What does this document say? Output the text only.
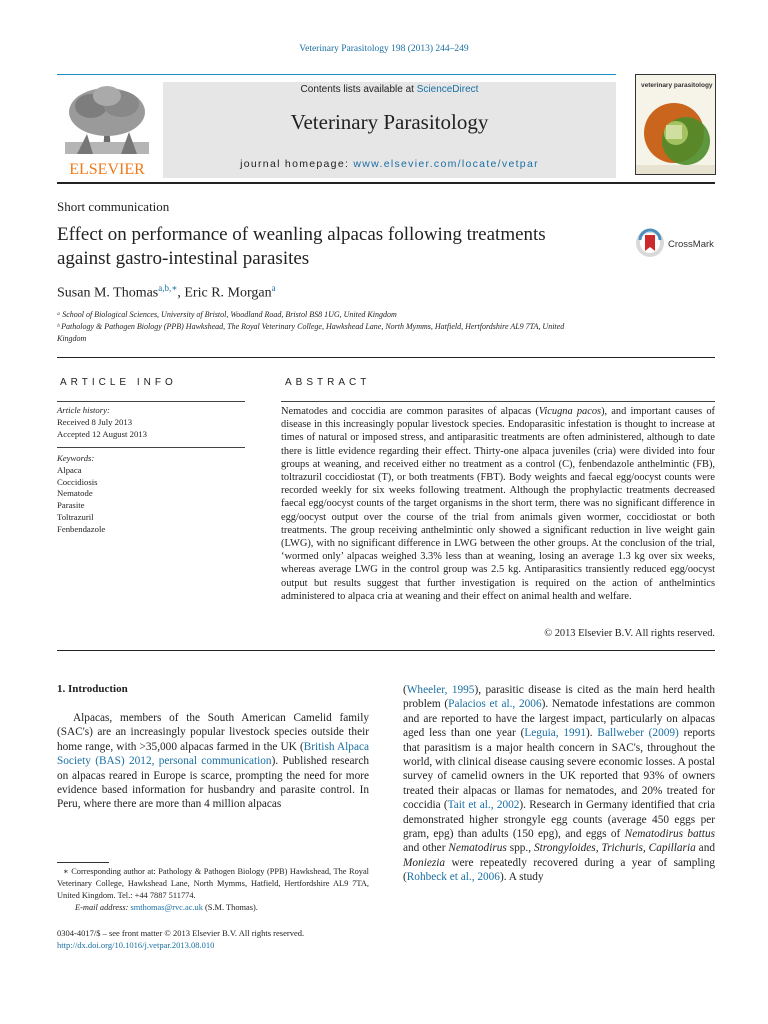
Veterinary Parasitology 198 (2013) 244–249
ELSEVIER
Contents lists available at ScienceDirect
Veterinary Parasitology
journal homepage: www.elsevier.com/locate/vetpar
veterinary parasitology
Short communication
Effect on performance of weanling alpacas following treatments against gastro-intestinal parasites
CrossMark
Susan M. Thomas$^{a,b,∗}$, Eric R. Morgan$^a$
ᵃ School of Biological Sciences, University of Bristol, Woodland Road, Bristol BS8 1UG, United Kingdom
ᵇ Pathology & Pathogen Biology (PPB) Hawkshead, The Royal Veterinary College, Hawkshead Lane, North Mymms, Hatfield, Hertfordshire AL9 7TA, United Kingdom
ARTICLE INFO	ABSTRACT
Article history:
Received 8 July 2013
Accepted 12 August 2013
Keywords:
Alpaca
Coccidiosis
Nematode
Parasite
Toltrazuril
Fenbendazole
Nematodes and coccidia are common parasites of alpacas (Vicugna pacos), and important causes of disease in this increasingly popular livestock species. Endoparasitic infestation is thought to increase at times of natural or imposed stress, and antiparasitic treatments are often administered, although to date there is little evidence regarding their effect. Thirty-one alpaca juveniles (cria) were divided into four groups at weaning, and received either no treatment as a control (C), fenbendazole anthelmintic (FB), toltrazuril coccidiostat (T), or both treatments (FBT). Body weights and faecal egg/oocyst counts were recorded weekly for six weeks following treatment. Although the prophylactic treatments decreased faecal egg/oocyst counts of the target organisms in the short term, there was no significant difference in egg/oocyst output over the course of the trial from animals given wormer, coccidiostat or both treatments. The group receiving anthelmintic only showed a significant reduction in live weight gain (LWG), with no significant difference in LWG between the other groups. At the conclusion of the trial, ‘wormed only’ alpacas weighed 3.3% less than at weaning, losing an average 1.3 kg over six weeks, whereas average LWG in the control group was 2.5 kg. Antiparasitics transiently reduced egg/oocyst output but results suggest that further investigation is required on the action of anthelmintics administered to alpaca cria at weaning and their effect on animal health and welfare.
© 2013 Elsevier B.V. All rights reserved.
1. Introduction
Alpacas, members of the South American Camelid family (SAC's) are an increasingly popular livestock species outside their home range, with >35,000 alpacas farmed in the UK (British Alpaca Society (BAS) 2012, personal communication). Published research on alpacas reared in Europe is scarce, prompting the need for more evidence based information for husbandry and parasite control. In Peru, where there are more than 4 million alpacas
(Wheeler, 1995), parasitic disease is cited as the main herd health problem (Palacios et al., 2006). Nematode infestations are common and are reported to have the largest impact, particularly on alpacas aged less than one year (Leguia, 1991). Ballweber (2009) reports that parasitism is a major health concern in SAC's, throughout the world, with clinical disease causing severe economic losses. A postal survey of camelid owners in the UK reported that 93% of owners treated their alpacas or llamas for nematodes, and 20% treated for coccidia (Tait et al., 2002). Research in Germany identified that cria demonstrated higher strongyle egg counts (average 450 eggs per gram, epg) than adults (150 epg), and eggs of Nematodirus battus and other Nematodirus spp., Strongyloides, Trichuris, Capillaria and Moniezia were repeatedly recovered during a year of sampling (Rohbeck et al., 2006). A study
∗ Corresponding author at: Pathology & Pathogen Biology (PPB) Hawkshead, The Royal Veterinary College, Hawkshead Lane, North Mymms, Hatfield, Hertfordshire AL9 7TA, United Kingdom. Tel.: +44 7887 511774.
E-mail address: smthomas@rvc.ac.uk (S.M. Thomas).
0304-4017/$ – see front matter © 2013 Elsevier B.V. All rights reserved.
http://dx.doi.org/10.1016/j.vetpar.2013.08.010
